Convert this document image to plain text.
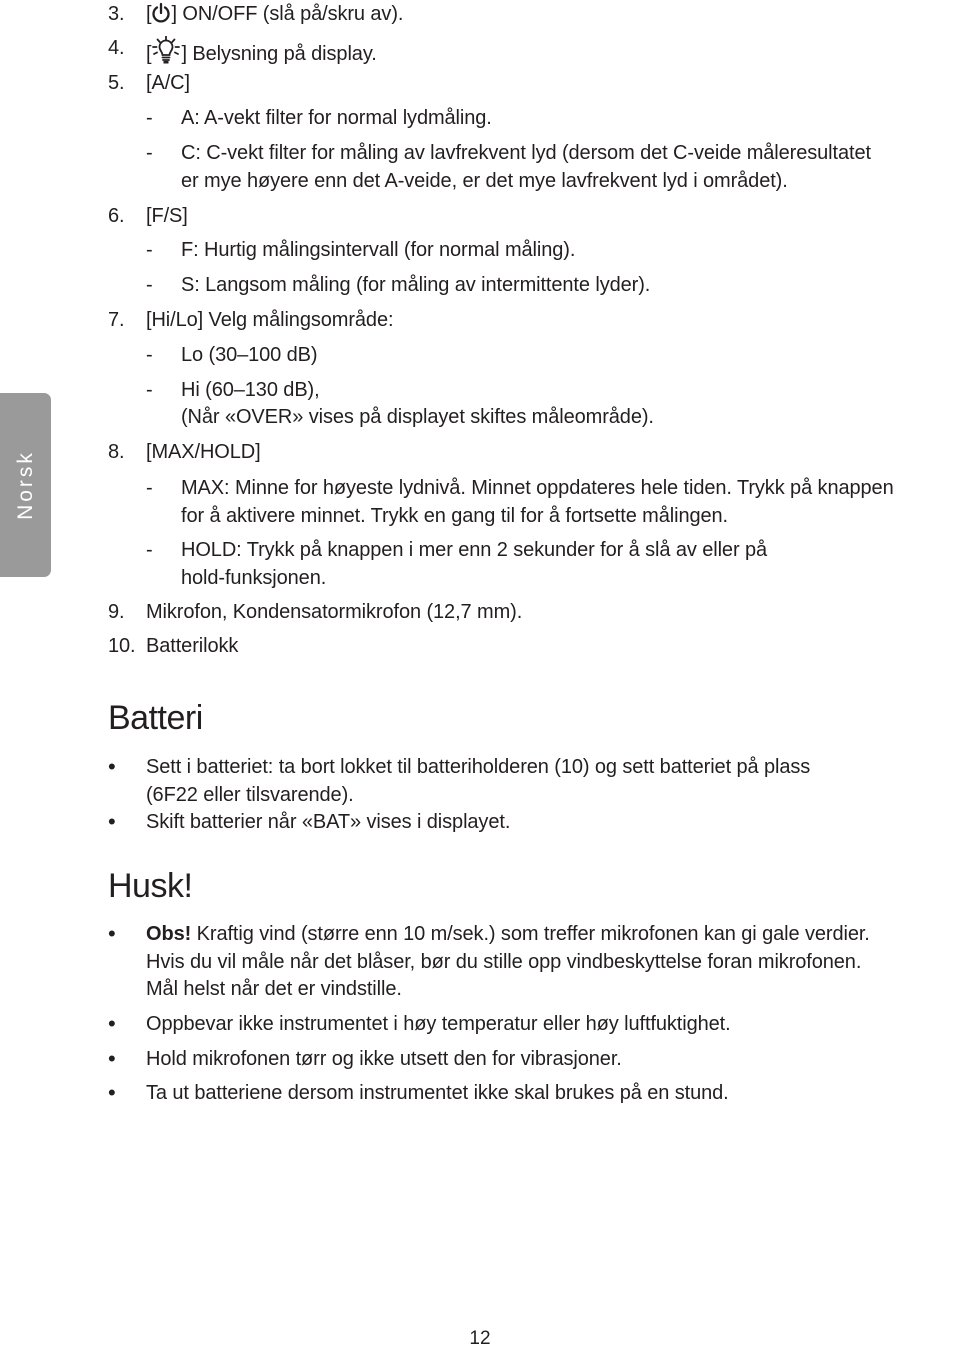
Norsk
3. [ ] ON/OFF (slå på/skru av).
4. [ ] Belysning på display.
5. [A/C]
- A: A-vekt filter for normal lydmåling.
- C: C-vekt filter for måling av lavfrekvent lyd (dersom det C-veide måleresultatet
er mye høyere enn det A-veide, er det mye lavfrekvent lyd i området).
6. [F/S]
- F: Hurtig målingsintervall (for normal måling).
- S: Langsom måling (for måling av intermittente lyder).
7. [Hi/Lo] Velg målingsområde:
- Lo (30–100 dB)
- Hi (60–130 dB),
(Når «OVER» vises på displayet skiftes måleområde).
8. [MAX/HOLD]
- MAX: Minne for høyeste lydnivå. Minnet oppdateres hele tiden. Trykk på knappen
for å aktivere minnet. Trykk en gang til for å fortsette målingen.
- HOLD: Trykk på knappen i mer enn 2 sekunder for å slå av eller på
hold-funksjonen.
9. Mikrofon, Kondensatormikrofon (12,7 mm).
10. Batterilokk
Batteri
• Sett i batteriet: ta bort lokket til batteriholderen (10) og sett batteriet på plass
(6F22 eller tilsvarende).
• Skift batterier når «BAT» vises i displayet.
Husk!
• Obs! Kraftig vind (større enn 10 m/sek.) som treffer mikrofonen kan gi gale verdier.
Hvis du vil måle når det blåser, bør du stille opp vindbeskyttelse foran mikrofonen.
Mål helst når det er vindstille.
• Oppbevar ikke instrumentet i høy temperatur eller høy luftfuktighet.
• Hold mikrofonen tørr og ikke utsett den for vibrasjoner.
• Ta ut batteriene dersom instrumentet ikke skal brukes på en stund.
12
